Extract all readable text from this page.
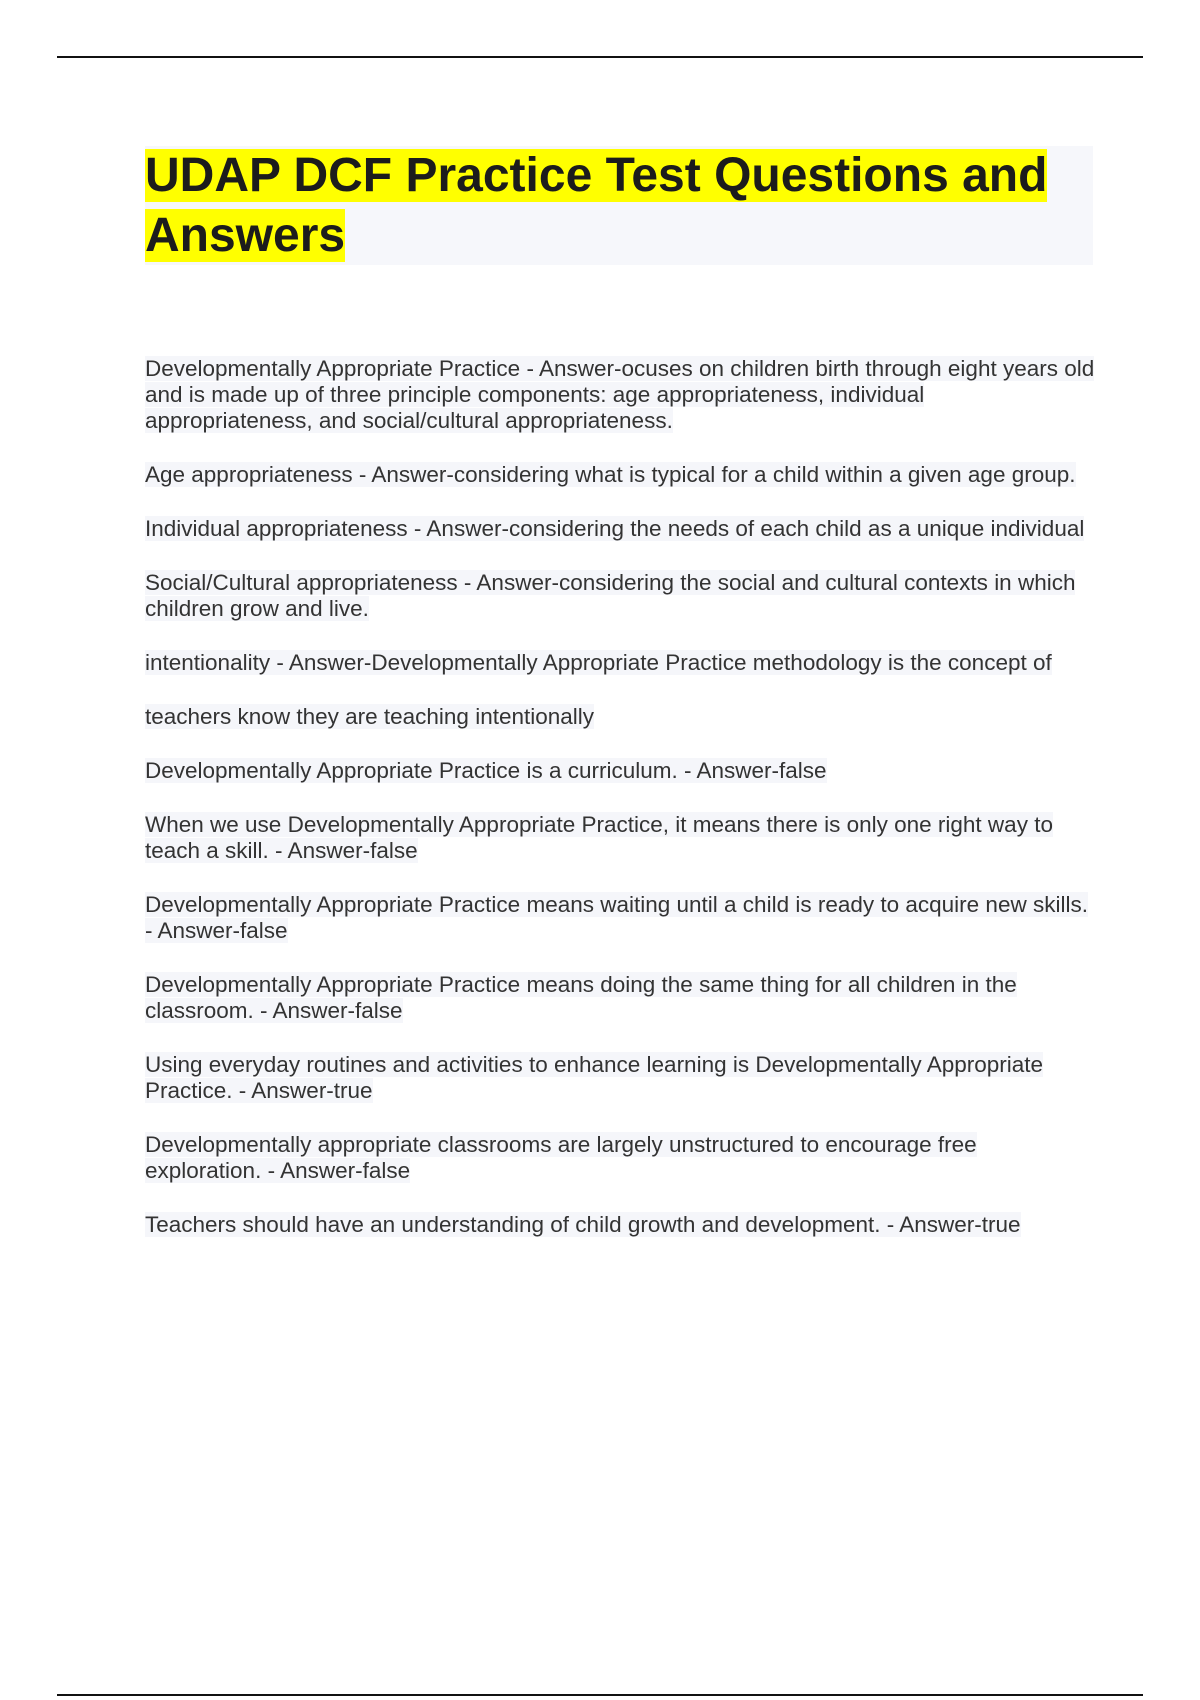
UDAP DCF Practice Test Questions and Answers

Developmentally Appropriate Practice - Answer-ocuses on children birth through eight years old and is made up of three principle components: age appropriateness, individual appropriateness, and social/cultural appropriateness.

Age appropriateness - Answer-considering what is typical for a child within a given age group.

Individual appropriateness - Answer-considering the needs of each child as a unique individual

Social/Cultural appropriateness - Answer-considering the social and cultural contexts in which children grow and live.

intentionality - Answer-Developmentally Appropriate Practice methodology is the concept of

teachers know they are teaching intentionally

Developmentally Appropriate Practice is a curriculum. - Answer-false

When we use Developmentally Appropriate Practice, it means there is only one right way to teach a skill. - Answer-false

Developmentally Appropriate Practice means waiting until a child is ready to acquire new skills. - Answer-false

Developmentally Appropriate Practice means doing the same thing for all children in the classroom. - Answer-false

Using everyday routines and activities to enhance learning is Developmentally Appropriate Practice. - Answer-true

Developmentally appropriate classrooms are largely unstructured to encourage free exploration. - Answer-false

Teachers should have an understanding of child growth and development. - Answer-true
